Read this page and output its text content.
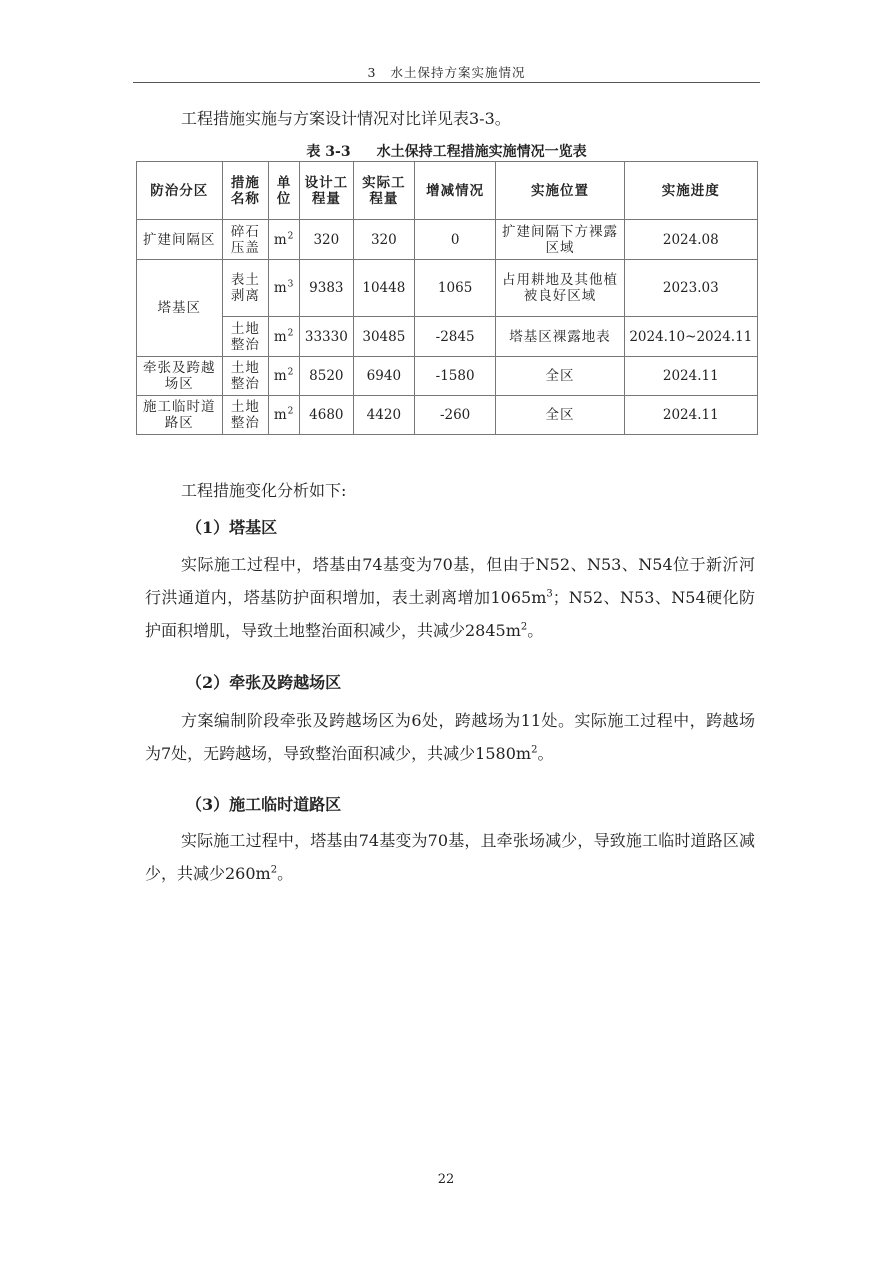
3 水土保持方案实施情况

工程措施实施与方案设计情况对比详见表3-3。

表 3-3 水土保持工程措施实施情况一览表
防治分区	措施名称	单位	设计工程量	实际工程量	增减情况	实施位置	实施进度
扩建间隔区	碎石压盖	$m^2$	320	320	0	扩建间隔下方裸露区域	2024.08
塔基区	表土剥离	$m^3$	9383	10448	1065	占用耕地及其他植被良好区域	2023.03
	土地整治	$m^2$	33330	30485	-2845	塔基区裸露地表	2024.10~2024.11
牵张及跨越场区	土地整治	$m^2$	8520	6940	-1580	全区	2024.11
施工临时道路区	土地整治	$m^2$	4680	4420	-260	全区	2024.11

工程措施变化分析如下:

（1）塔基区

实际施工过程中，塔基由74基变为70基，但由于N52、N53、N54位于新沂河行洪通道内，塔基防护面积增加，表土剥离增加$1065m^3$；N52、N53、N54硬化防护面积增肌，导致土地整治面积减少，共减少$2845m^2$。

（2）牵张及跨越场区

方案编制阶段牵张及跨越场区为6处，跨越场为11处。实际施工过程中，跨越场为7处，无跨越场，导致整治面积减少，共减少$1580m^2$。

（3）施工临时道路区

实际施工过程中，塔基由74基变为70基，且牵张场减少，导致施工临时道路区减少，共减少$260m^2$。

22
